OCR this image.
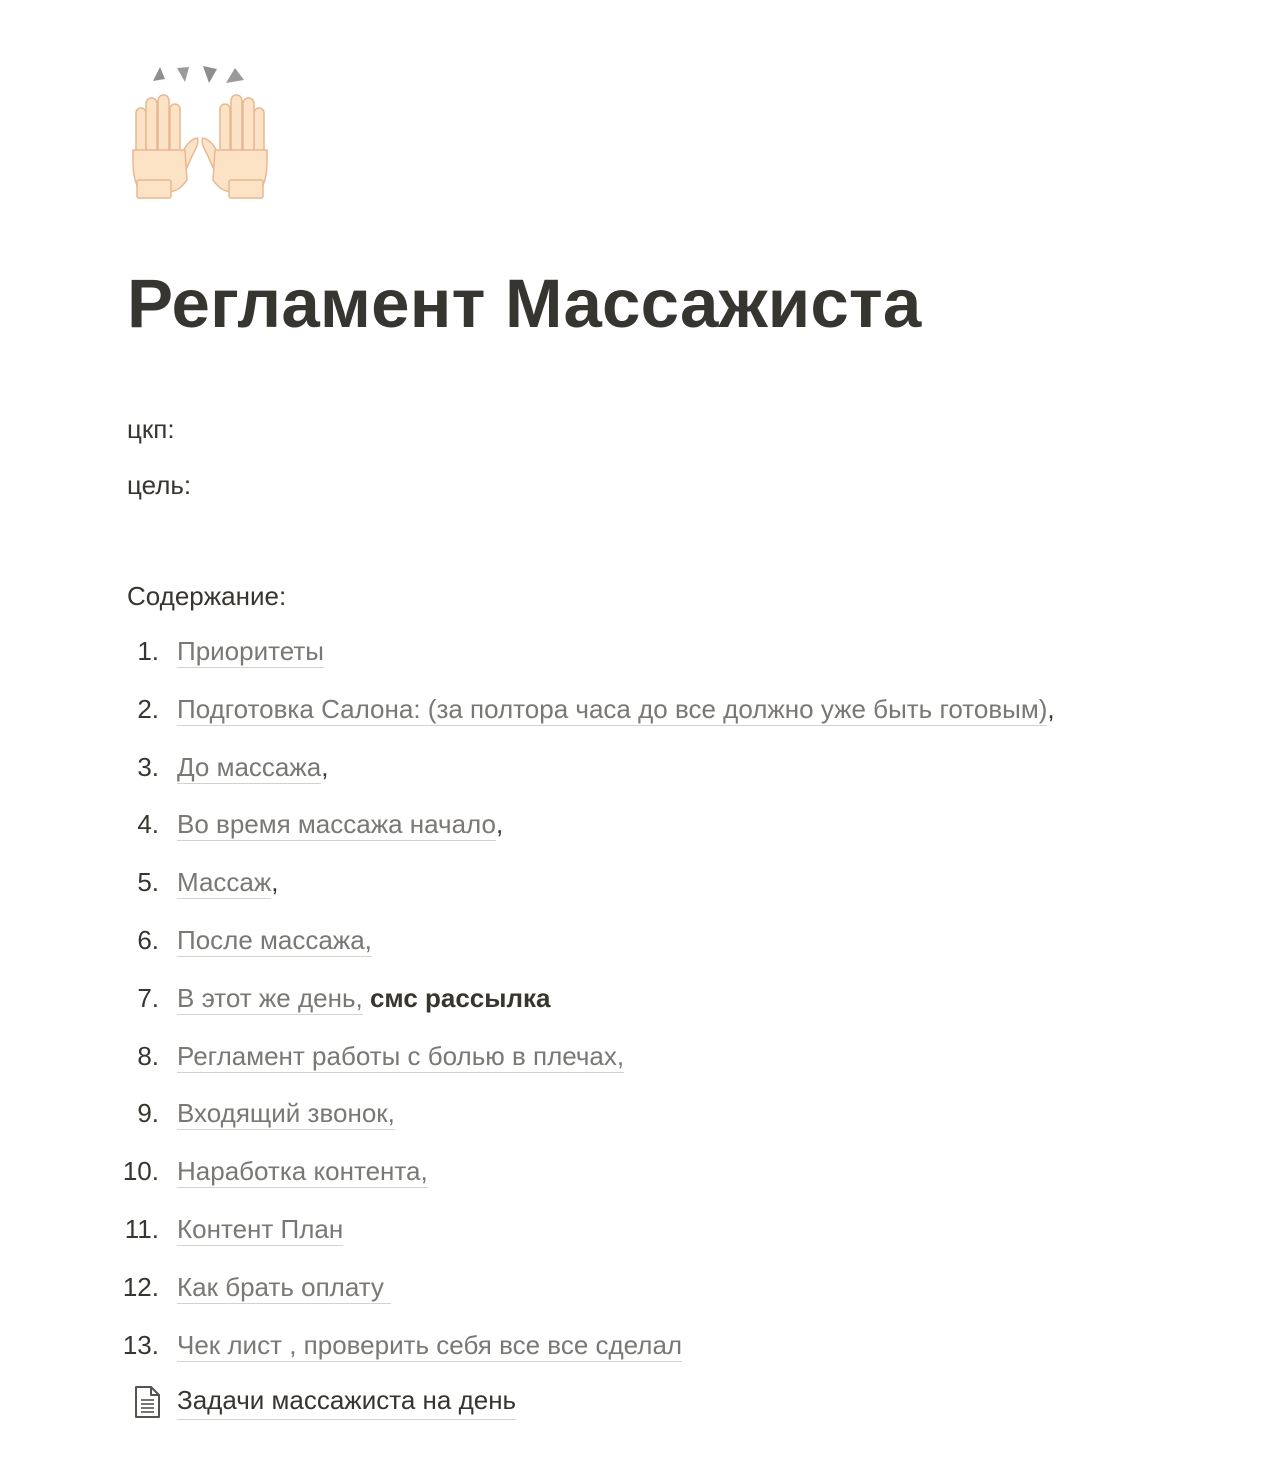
Регламент Массажиста
цкп:
цель:
Содержание:
1. Приоритеты
2. Подготовка Салона: (за полтора часа до все должно уже быть готовым),
3. До массажа,
4. Во время массажа начало,
5. Массаж,
6. После массажа,
7. В этот же день, смс рассылка
8. Регламент работы с болью в плечах,
9. Входящий звонок,
10. Наработка контента,
11. Контент План
12. Как брать оплату
13. Чек лист , проверить себя все все сделал
Задачи массажиста на день
